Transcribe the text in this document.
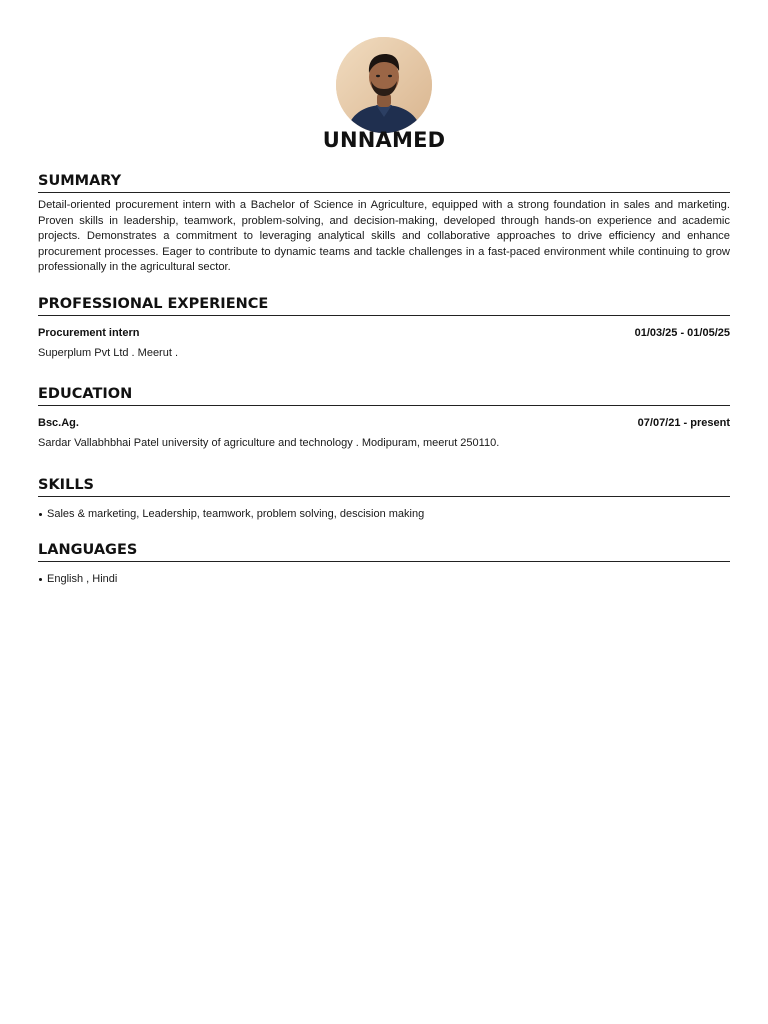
UNNAMED
SUMMARY

Detail-oriented procurement intern with a Bachelor of Science in Agriculture, equipped with a strong foundation in sales and marketing. Proven skills in leadership, teamwork, problem-solving, and decision-making, developed through hands-on experience and academic projects. Demonstrates a commitment to leveraging analytical skills and collaborative approaches to drive efficiency and enhance procurement processes. Eager to contribute to dynamic teams and tackle challenges in a fast-paced environment while continuing to grow professionally in the agricultural sector.

PROFESSIONAL EXPERIENCE
Procurement intern	01/03/25 - 01/05/25
Superplum Pvt Ltd . Meerut .
EDUCATION
Bsc.Ag.	07/07/21 - present
Sardar Vallabhbhai Patel university of agriculture and technology . Modipuram, meerut 250110.
SKILLS
Sales & marketing, Leadership, teamwork, problem solving, descision making
LANGUAGES
English , Hindi
